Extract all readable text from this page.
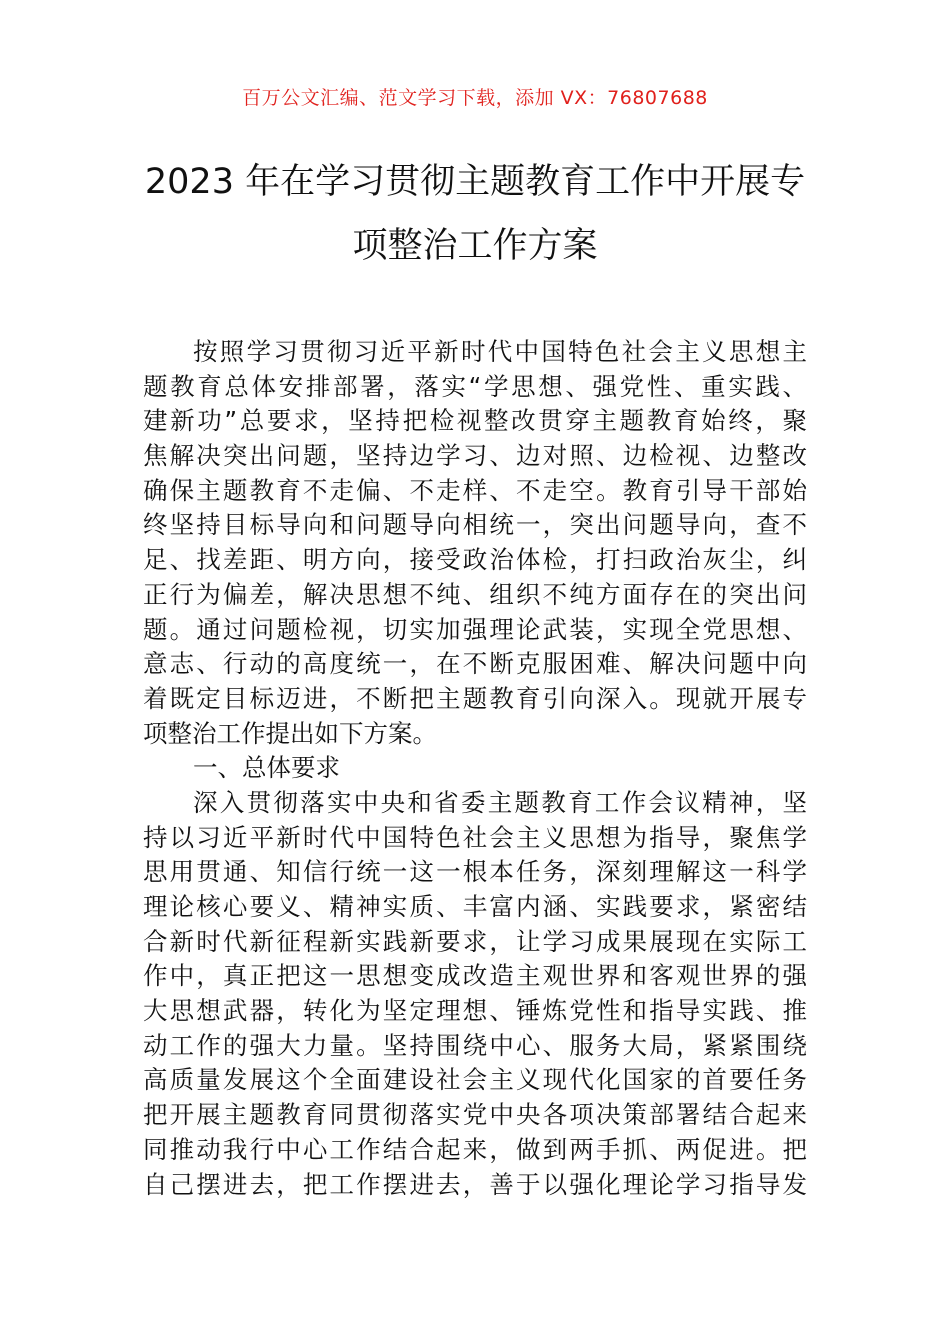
百万公文汇编、范文学习下载，添加 VX：76807688
2023 年在学习贯彻主题教育工作中开展专
项整治工作方案
按照学习贯彻习近平新时代中国特色社会主义思想主
题教育总体安排部署，落实“学思想、强党性、重实践、
建新功”总要求，坚持把检视整改贯穿主题教育始终，聚
焦解决突出问题，坚持边学习、边对照、边检视、边整改
确保主题教育不走偏、不走样、不走空。教育引导干部始
终坚持目标导向和问题导向相统一，突出问题导向，查不
足、找差距、明方向，接受政治体检，打扫政治灰尘，纠
正行为偏差，解决思想不纯、组织不纯方面存在的突出问
题。通过问题检视，切实加强理论武装，实现全党思想、
意志、行动的高度统一，在不断克服困难、解决问题中向
着既定目标迈进，不断把主题教育引向深入。现就开展专
项整治工作提出如下方案。
一、总体要求
深入贯彻落实中央和省委主题教育工作会议精神，坚
持以习近平新时代中国特色社会主义思想为指导，聚焦学
思用贯通、知信行统一这一根本任务，深刻理解这一科学
理论核心要义、精神实质、丰富内涵、实践要求，紧密结
合新时代新征程新实践新要求，让学习成果展现在实际工
作中，真正把这一思想变成改造主观世界和客观世界的强
大思想武器，转化为坚定理想、锤炼党性和指导实践、推
动工作的强大力量。坚持围绕中心、服务大局，紧紧围绕
高质量发展这个全面建设社会主义现代化国家的首要任务
把开展主题教育同贯彻落实党中央各项决策部署结合起来
同推动我行中心工作结合起来，做到两手抓、两促进。把
自己摆进去，把工作摆进去，善于以强化理论学习指导发
